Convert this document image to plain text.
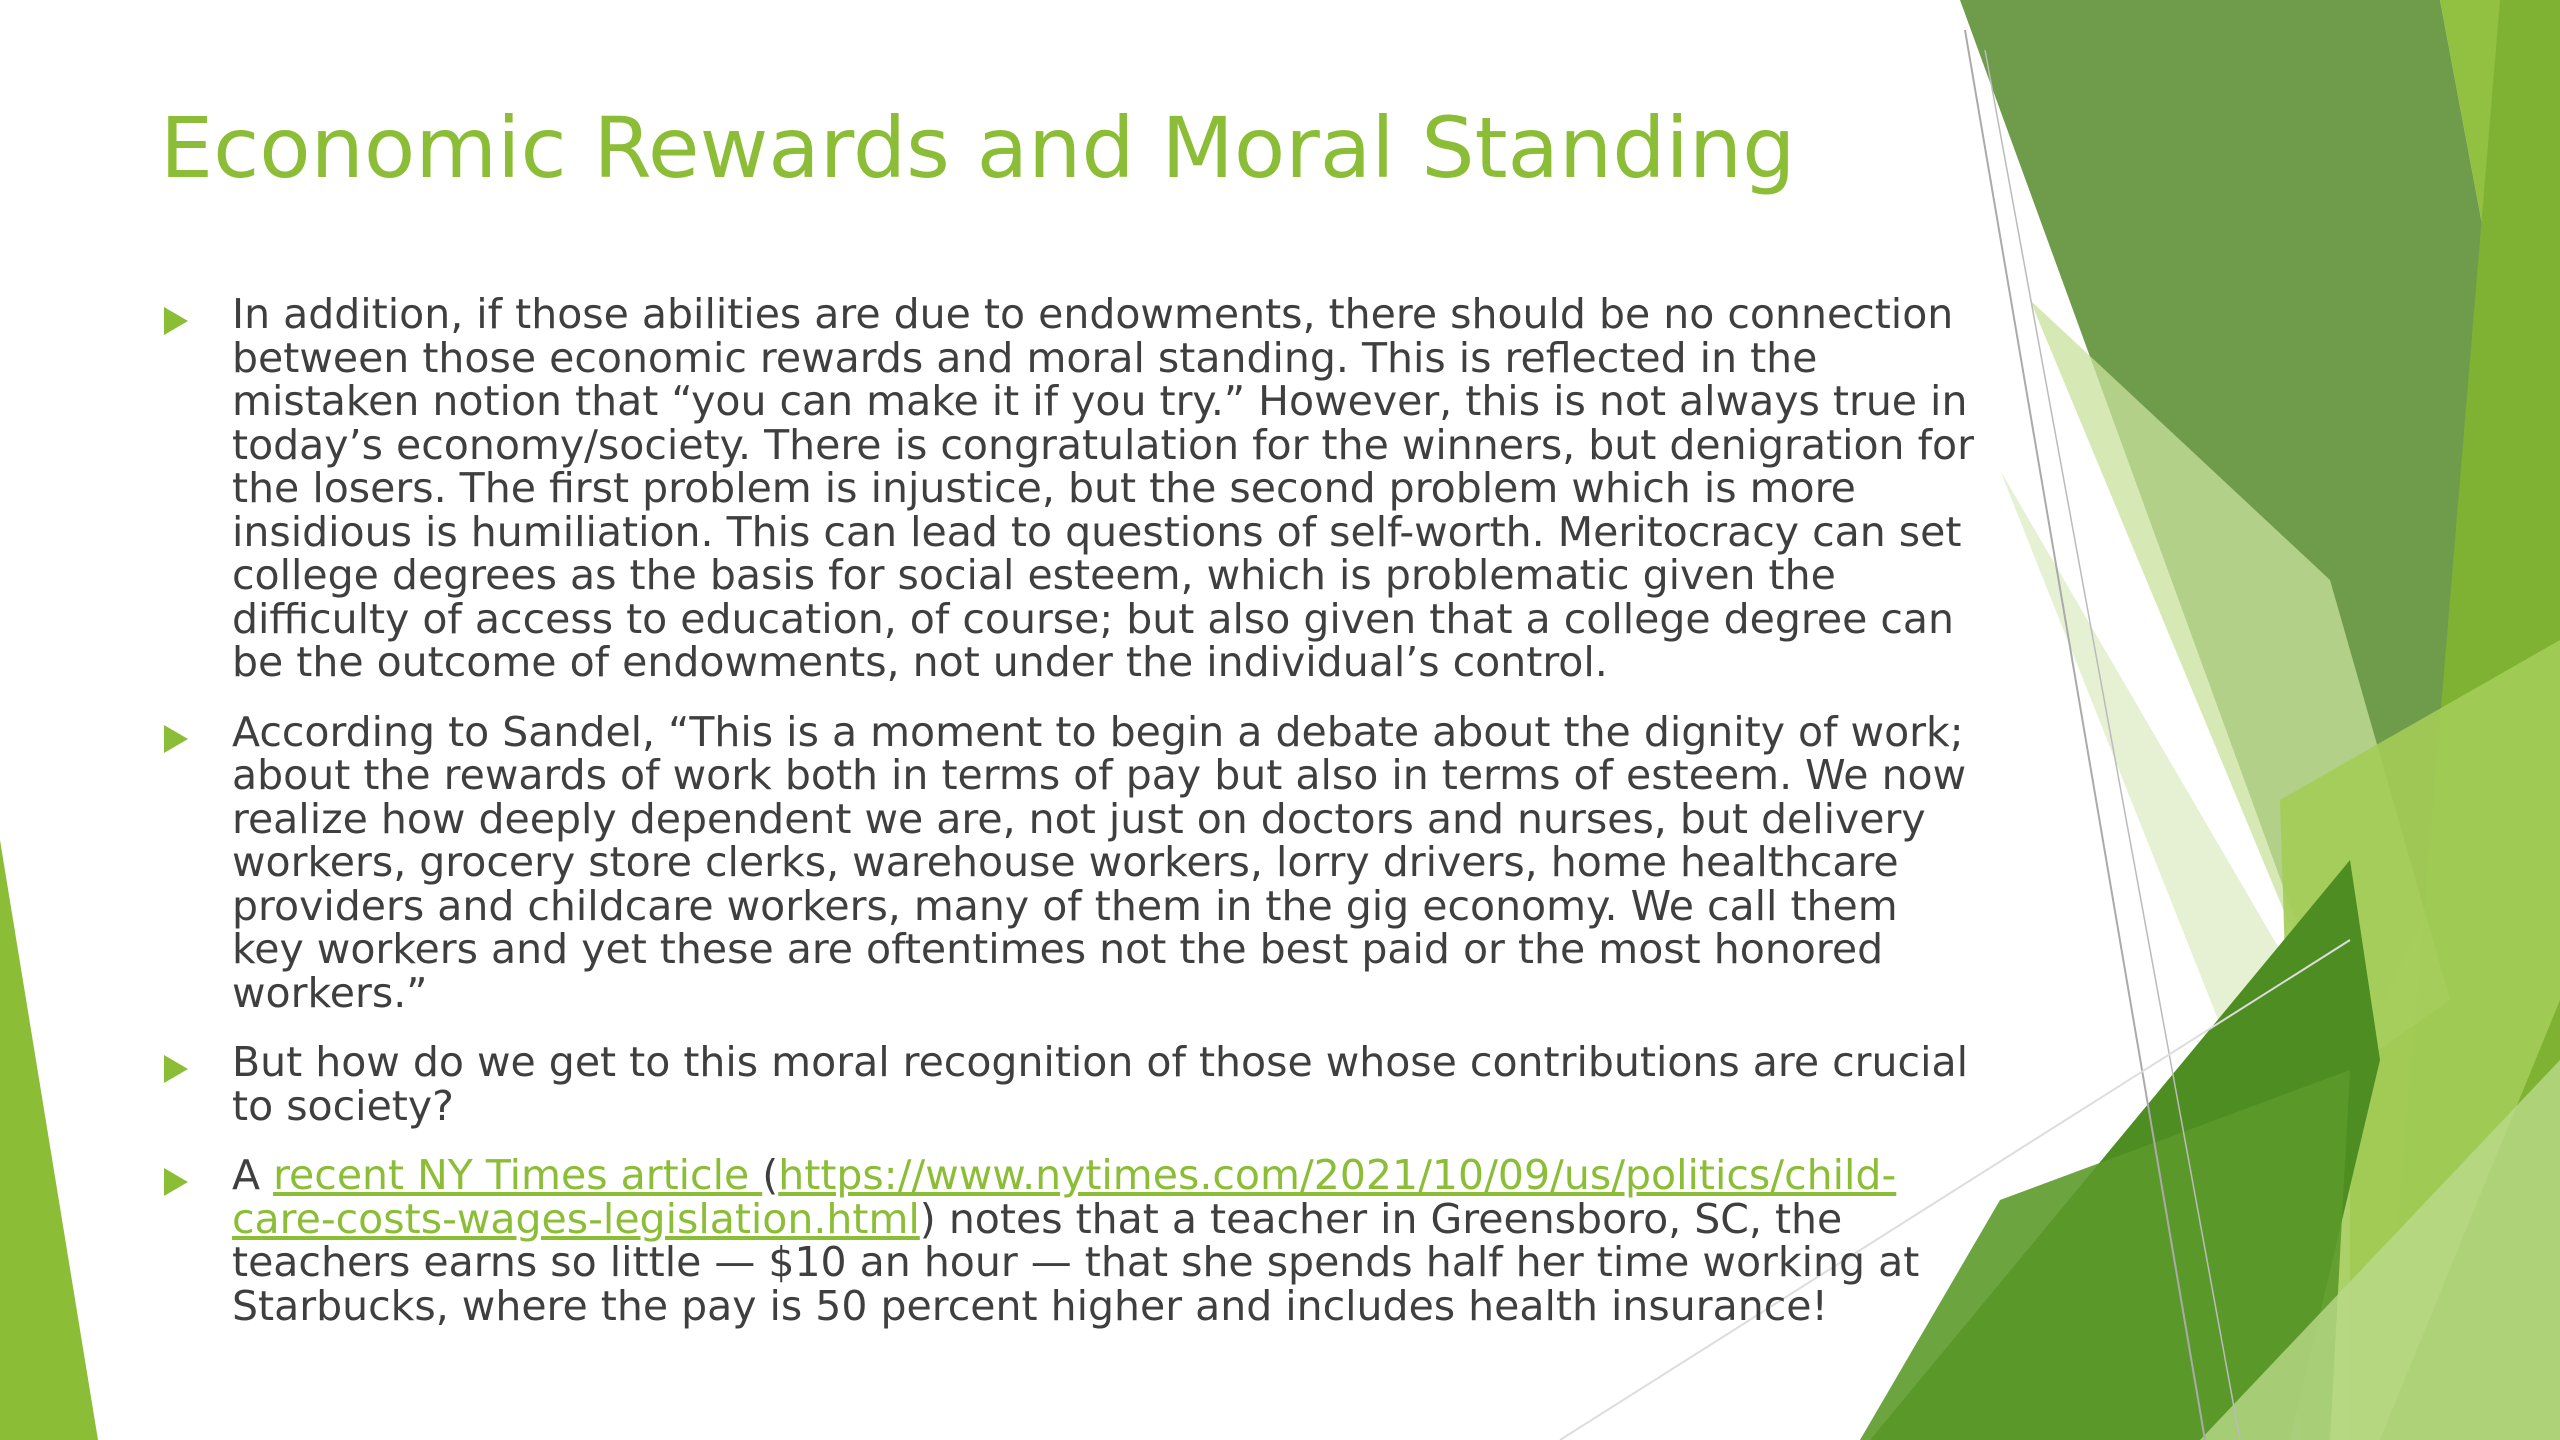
Economic Rewards and Moral Standing
In addition, if those abilities are due to endowments, there should be no connection between those economic rewards and moral standing. This is reflected in the mistaken notion that “you can make it if you try.” However, this is not always true in today’s economy/society. There is congratulation for the winners, but denigration for the losers. The first problem is injustice, but the second problem which is more insidious is humiliation. This can lead to questions of self-worth. Meritocracy can set college degrees as the basis for social esteem, which is problematic given the difficulty of access to education, of course; but also given that a college degree can be the outcome of endowments, not under the individual’s control.
According to Sandel, “This is a moment to begin a debate about the dignity of work; about the rewards of work both in terms of pay but also in terms of esteem. We now realize how deeply dependent we are, not just on doctors and nurses, but delivery workers, grocery store clerks, warehouse workers, lorry drivers, home healthcare providers and childcare workers, many of them in the gig economy. We call them key workers and yet these are oftentimes not the best paid or the most honored workers.”
But how do we get to this moral recognition of those whose contributions are crucial to society?
A recent NY Times article (https://www.nytimes.com/2021/10/09/us/politics/child-care-costs-wages-legislation.html) notes that a teacher in Greensboro, SC, the teachers earns so little — $10 an hour — that she spends half her time working at Starbucks, where the pay is 50 percent higher and includes health insurance!
